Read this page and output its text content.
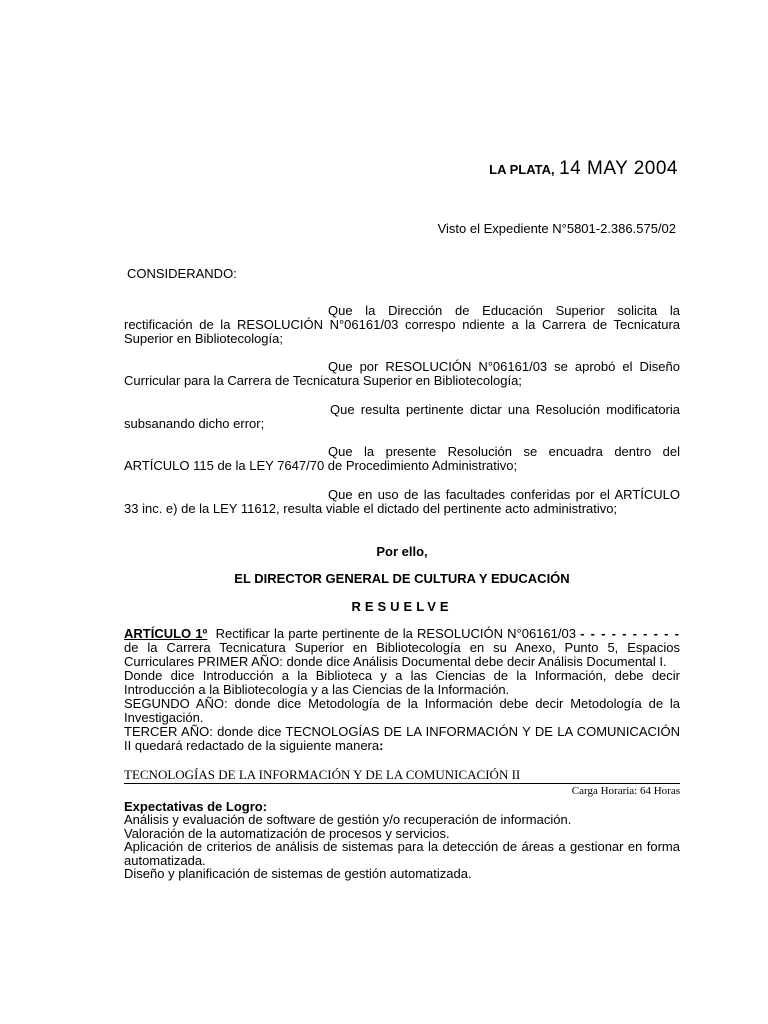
LA PLATA, 14 MAY 2004
Visto el Expediente N°5801-2.386.575/02
CONSIDERANDO:
Que la Dirección de Educación Superior solicita la rectificación de la RESOLUCIÓN N°06161/03 correspo ndiente a la Carrera de Tecnicatura Superior en Bibliotecología;
Que por RESOLUCIÓN N°06161/03 se aprobó el Diseño Curricular para la Carrera de Tecnicatura Superior en Bibliotecología;
Que resulta pertinente dictar una Resolución modificatoria subsanando dicho error;
Que la presente Resolución se encuadra dentro del ARTÍCULO 115 de la LEY 7647/70 de Procedimiento Administrativo;
Que en uso de las facultades conferidas por el ARTÍCULO 33 inc. e) de la LEY 11612, resulta viable el dictado del pertinente acto administrativo;
Por ello,
EL DIRECTOR GENERAL DE CULTURA Y EDUCACIÓN
RESUELVE
ARTÍCULO 1º Rectificar la parte pertinente de la RESOLUCIÓN N°06161/03 - - - - - - - - - - de la Carrera Tecnicatura Superior en Bibliotecología en su Anexo, Punto 5, Espacios Curriculares PRIMER AÑO: donde dice Análisis Documental debe decir Análisis Documental I.
Donde dice Introducción a la Biblioteca y a las Ciencias de la Información, debe decir Introducción a la Bibliotecología y a las Ciencias de la Información.
SEGUNDO AÑO: donde dice Metodología de la Información debe decir Metodología de la Investigación.
TERCER AÑO: donde dice TECNOLOGÍAS DE LA INFORMACIÓN Y DE LA COMUNICACIÓN II quedará redactado de la siguiente manera:
TECNOLOGÍAS DE LA INFORMACIÓN Y DE LA COMUNICACIÓN II
Carga Horaria: 64 Horas
Expectativas de Logro:
Análisis y evaluación de software de gestión y/o recuperación de información.
Valoración de la automatización de procesos y servicios.
Aplicación de criterios de análisis de sistemas para la detección de áreas a gestionar en forma automatizada.
Diseño y planificación de sistemas de gestión automatizada.
